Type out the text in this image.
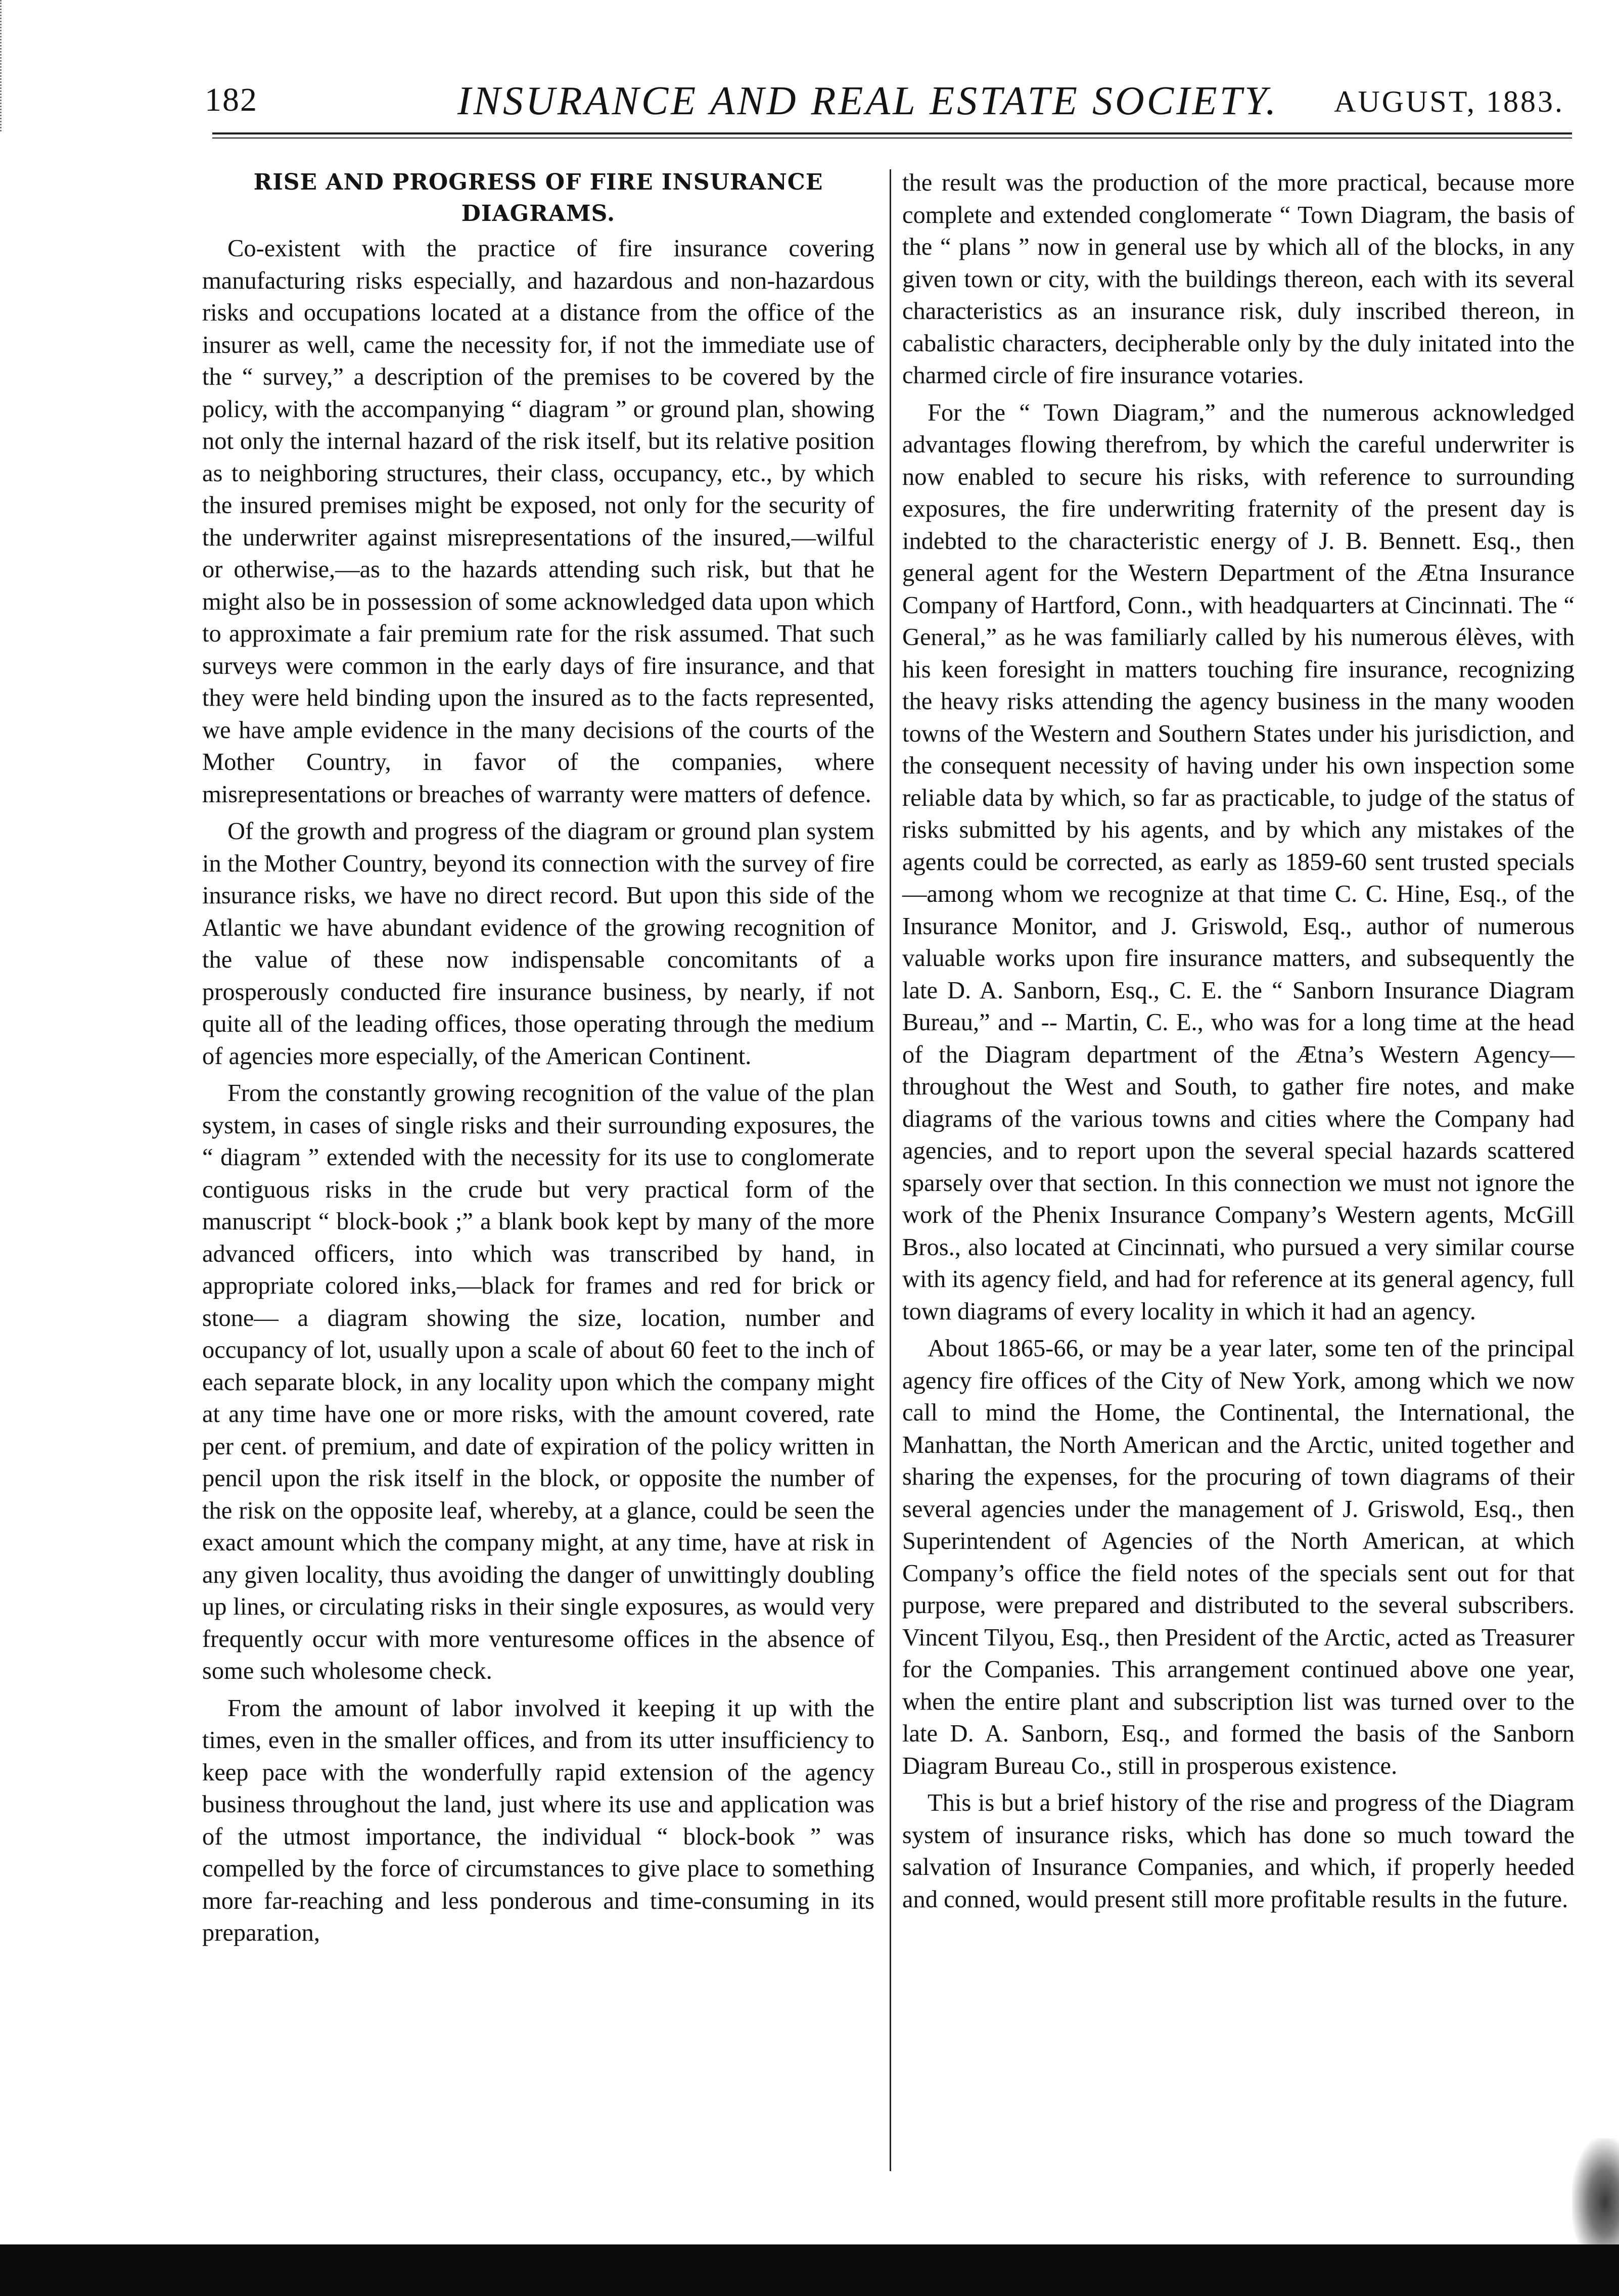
182	INSURANCE AND REAL ESTATE SOCIETY. AUGUST, 1883.
RISE AND PROGRESS OF FIRE INSURANCE DIAGRAMS.

Co-existent with the practice of fire insurance covering manufacturing risks especially, and hazardous and non-hazardous risks and occupations located at a distance from the office of the insurer as well, came the necessity for, if not the immediate use of the “ survey,” a description of the premises to be covered by the policy, with the accompanying “ diagram ” or ground plan, showing not only the internal hazard of the risk itself, but its relative position as to neighboring structures, their class, occupancy, etc., by which the insured premises might be exposed, not only for the security of the underwriter against misrepresentations of the insured,—wilful or otherwise,—as to the hazards attending such risk, but that he might also be in possession of some acknowledged data upon which to approximate a fair premium rate for the risk assumed. That such surveys were common in the early days of fire insurance, and that they were held binding upon the insured as to the facts represented, we have ample evidence in the many decisions of the courts of the Mother Country, in favor of the companies, where misrepresentations or breaches of warranty were matters of defence.

Of the growth and progress of the diagram or ground plan system in the Mother Country, beyond its connection with the survey of fire insurance risks, we have no direct record. But upon this side of the Atlantic we have abundant evidence of the growing recognition of the value of these now indispensable concomitants of a prosperously conducted fire insurance business, by nearly, if not quite all of the leading offices, those operating through the medium of agencies more especially, of the American Continent.

From the constantly growing recognition of the value of the plan system, in cases of single risks and their surrounding exposures, the “ diagram ” extended with the necessity for its use to conglomerate contiguous risks in the crude but very practical form of the manuscript “ block-book ;” a blank book kept by many of the more advanced officers, into which was transcribed by hand, in appropriate colored inks,—black for frames and red for brick or stone— a diagram showing the size, location, number and occupancy of lot, usually upon a scale of about 60 feet to the inch of each separate block, in any locality upon which the company might at any time have one or more risks, with the amount covered, rate per cent. of premium, and date of expiration of the policy written in pencil upon the risk itself in the block, or opposite the number of the risk on the opposite leaf, whereby, at a glance, could be seen the exact amount which the company might, at any time, have at risk in any given locality, thus avoiding the danger of unwittingly doubling up lines, or circulating risks in their single exposures, as would very frequently occur with more venturesome offices in the absence of some such wholesome check.

From the amount of labor involved it keeping it up with the times, even in the smaller offices, and from its utter insufficiency to keep pace with the wonderfully rapid extension of the agency business throughout the land, just where its use and application was of the utmost importance, the individual “ block-book ” was compelled by the force of circumstances to give place to something more far-reaching and less ponderous and time-consuming in its preparation,

the result was the production of the more practical, because more complete and extended conglomerate “ Town Diagram, the basis of the “ plans ” now in general use by which all of the blocks, in any given town or city, with the buildings thereon, each with its several characteristics as an insurance risk, duly inscribed thereon, in cabalistic characters, decipherable only by the duly initated into the charmed circle of fire insurance votaries.

For the “ Town Diagram,” and the numerous acknowledged advantages flowing therefrom, by which the careful underwriter is now enabled to secure his risks, with reference to surrounding exposures, the fire underwriting fraternity of the present day is indebted to the characteristic energy of J. B. Bennett. Esq., then general agent for the Western Department of the Ætna Insurance Company of Hartford, Conn., with headquarters at Cincinnati. The “ General,” as he was familiarly called by his numerous élèves, with his keen foresight in matters touching fire insurance, recognizing the heavy risks attending the agency business in the many wooden towns of the Western and Southern States under his jurisdiction, and the consequent necessity of having under his own inspection some reliable data by which, so far as practicable, to judge of the status of risks submitted by his agents, and by which any mistakes of the agents could be corrected, as early as 1859-60 sent trusted specials—among whom we recognize at that time C. C. Hine, Esq., of the Insurance Monitor, and J. Griswold, Esq., author of numerous valuable works upon fire insurance matters, and subsequently the late D. A. Sanborn, Esq., C. E. the “ Sanborn Insurance Diagram Bureau,” and -- Martin, C. E., who was for a long time at the head of the Diagram department of the Ætna’s Western Agency—throughout the West and South, to gather fire notes, and make diagrams of the various towns and cities where the Company had agencies, and to report upon the several special hazards scattered sparsely over that section. In this connection we must not ignore the work of the Phenix Insurance Company’s Western agents, McGill Bros., also located at Cincinnati, who pursued a very similar course with its agency field, and had for reference at its general agency, full town diagrams of every locality in which it had an agency.

About 1865-66, or may be a year later, some ten of the principal agency fire offices of the City of New York, among which we now call to mind the Home, the Continental, the International, the Manhattan, the North American and the Arctic, united together and sharing the expenses, for the procuring of town diagrams of their several agencies under the management of J. Griswold, Esq., then Superintendent of Agencies of the North American, at which Company’s office the field notes of the specials sent out for that purpose, were prepared and distributed to the several subscribers. Vincent Tilyou, Esq., then President of the Arctic, acted as Treasurer for the Companies. This arrangement continued above one year, when the entire plant and subscription list was turned over to the late D. A. Sanborn, Esq., and formed the basis of the Sanborn Diagram Bureau Co., still in prosperous existence.

This is but a brief history of the rise and progress of the Diagram system of insurance risks, which has done so much toward the salvation of Insurance Companies, and which, if properly heeded and conned, would present still more profitable results in the future.
